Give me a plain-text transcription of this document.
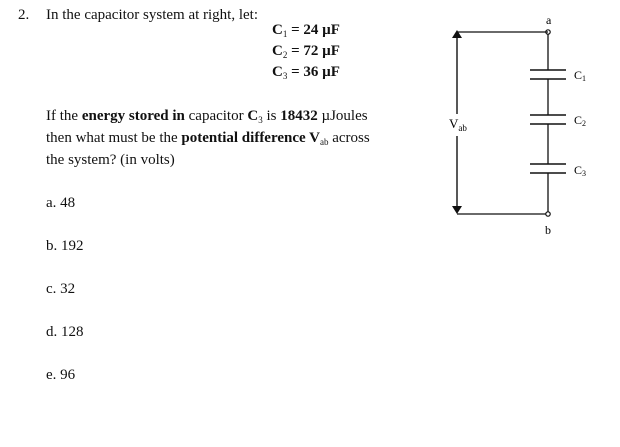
2. In the capacitor system at right, let:
$C_1 = 24$ µF
$C_2 = 72$ µF
$C_3 = 36$ µF
If the energy stored in capacitor $C_3$ is 18432 µJoules
then what must be the potential difference $V_{ab}$ across
the system? (in volts)
a. 48
b. 192
c. 32
d. 128
e. 96
a
$V_{ab}$
C1
C2
C3
b
